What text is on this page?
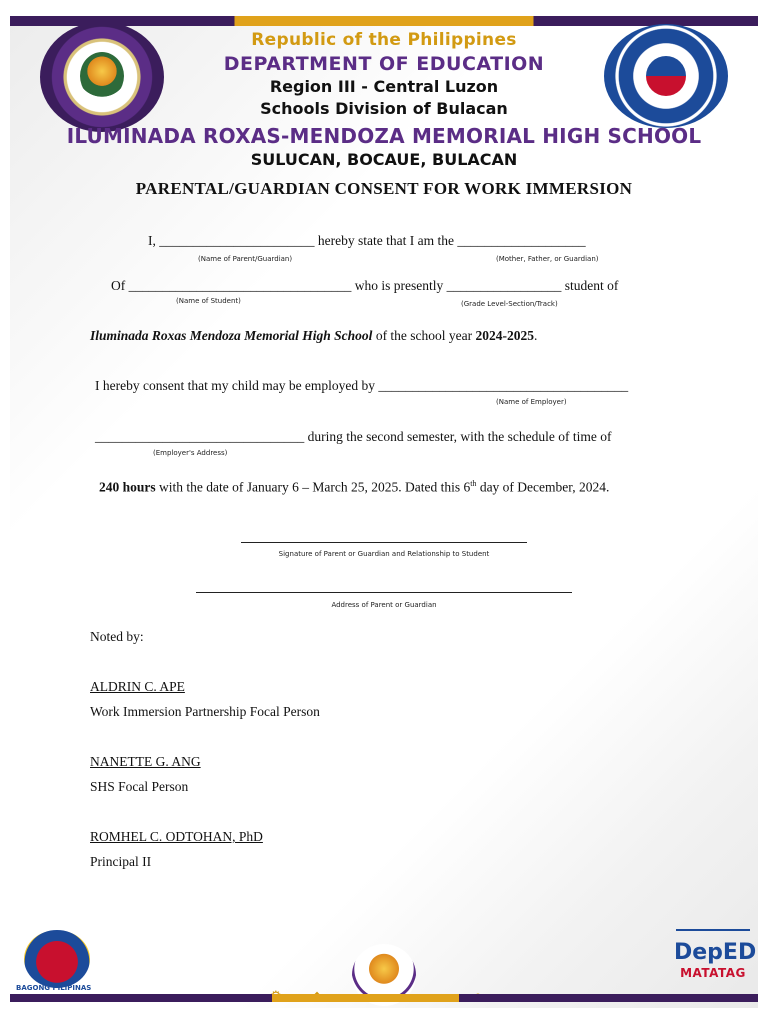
Republic of the Philippines
DEPARTMENT OF EDUCATION
Region III - Central Luzon
Schools Division of Bulacan
ILUMINADA ROXAS-MENDOZA MEMORIAL HIGH SCHOOL
SULUCAN, BOCAUE, BULACAN
PARENTAL/GUARDIAN CONSENT FOR WORK IMMERSION
I, _______________________ hereby state that I am the ___________________
(Name of Parent/Guardian)	(Mother, Father, or Guardian)
Of _________________________________ who is presently _________________ student of
(Name of Student)	(Grade Level-Section/Track)
Iluminada Roxas Mendoza Memorial High School of the school year 2024-2025.
I hereby consent that my child may be employed by _____________________________________
(Name of Employer)
_______________________________ during the second semester, with the schedule of time of
(Employer's Address)
240 hours with the date of January 6 – March 25, 2025. Dated this 6th day of December, 2024.
Signature of Parent or Guardian and Relationship to Student
Address of Parent or Guardian
Noted by:
ALDRIN C. APE
Work Immersion Partnership Focal Person
NANETTE G. ANG
SHS Focal Person
ROMHEL C. ODTOHAN, PhD
Principal II
BAGONG PILIPINAS
DepED
MATATAG
